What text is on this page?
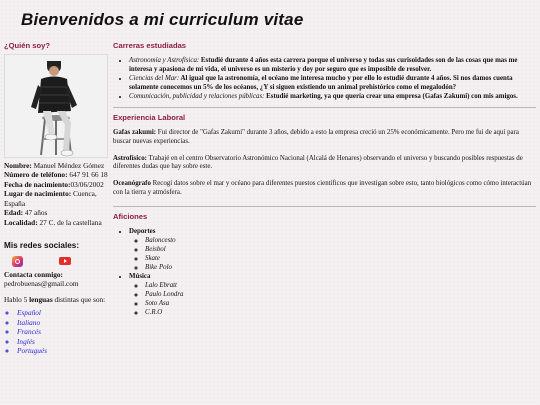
Bienvenidos a mi curriculum vitae
¿Quién soy?

Nombre: Manuel Méndez Gómez

Número de teléfono: 647 91 66 18

Fecha de nacimiento:03/06/2002

Lugar de nacimiento: Cuenca, España

Edad: 47 años

Localidad: 27 C. de la castellana

Mis redes sociales:
Contacta conmigo:
pedrobuenas@gmail.com
Hablo 5 lenguas distintas que son:
◦ Español
◦ Italiano
◦ Francés
◦ Inglés
◦ Portugués
Carreras estudiadas
• Astronomía y Astrofísica: Estudié durante 4 años esta carrera porque el universo y todas sus curisoidades son de las cosas que mas me interesa y apasiona de mi vida, el universo es un misterio y doy por seguro que es imposible de resolver.
• Ciencias del Mar: Al igual que la astronomía, el océano me interesa mucho y por ello lo estudié durante 4 años. Si nos damos cuenta solamente conocemos un 5% de los océanos, ¿Y si siguen existiendo un animal prehistórico como el megalodón?
• Comunicación, publicidad y relaciones públicas: Estudié marketing, ya que quería crear una empresa (Gafas Zakumi) con mis amigos.
Experiencia Laboral

Gafas zakumi: Fui director de "Gafas Zakumi" durante 3 años, debido a esto la empresa creció un 25% económicamente. Pero me fui de aquí para buscar nuevas experiencias.

Astrofísico: Trabajé en el centro Observatorio Astronómico Nacional (Alcalá de Henares) observando el universo y buscando posibles respuestas de diferentes dudas que hay sobre este.

Oceanógrafo Recogí datos sobre el mar y océano para diferentes puestos científicos que investigan sobre esto, tanto biológicos como cómo interactúan con la tierra y atmósfera.

Aficiones
• Deportes
◦ Baloncesto
◦ Beisbol
◦ Skate
◦ Bike Polo
• Música
◦ Lalo Ebratt
◦ Paulo Londra
◦ Soto Asa
◦ C.R.O
